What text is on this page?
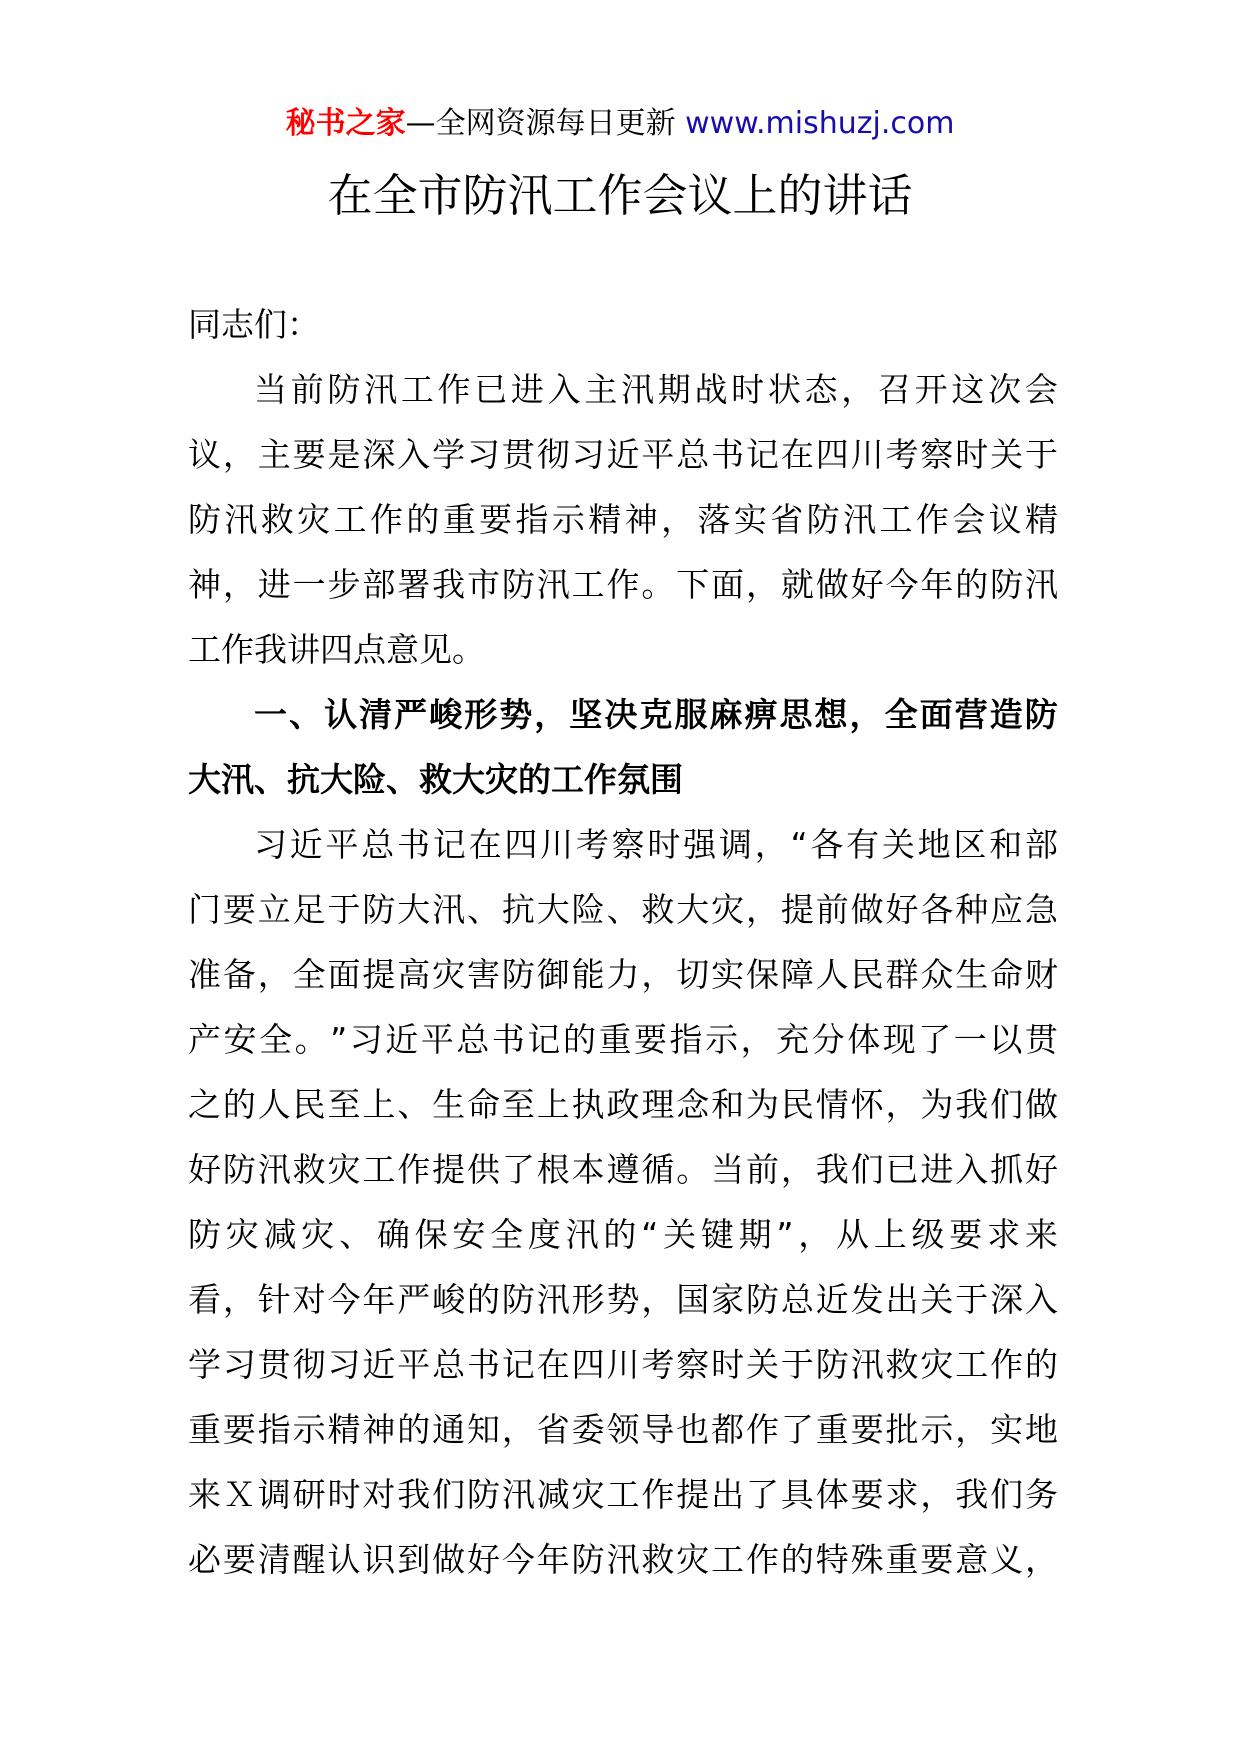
秘书之家—全网资源每日更新 www.mishuzj.com
在全市防汛工作会议上的讲话
同志们：
当 前 防 汛 工 作 已 进 入 主 汛 期 战 时 状 态 ， 召 开 这 次 会
议 ， 主 要 是 深 入 学 习 贯 彻 习 近 平 总 书 记 在 四 川 考 察 时 关 于
防 汛 救 灾 工 作 的 重 要 指 示 精 神 ， 落 实 省 防 汛 工 作 会 议 精
神 ， 进 一 步 部 署 我 市 防 汛 工 作 。 下 面 ， 就 做 好 今 年 的 防 汛
工作我讲四点意见。
一 、 认 清 严 峻 形 势 ， 坚 决 克 服 麻 痹 思 想 ， 全 面 营 造 防
大汛、抗大险、救大灾的工作氛围
习 近 平 总 书 记 在 四 川 考 察 时 强 调 ， “ 各 有 关 地 区 和 部
门 要 立 足 于 防 大 汛 、 抗 大 险 、 救 大 灾 ， 提 前 做 好 各 种 应 急
准 备 ， 全 面 提 高 灾 害 防 御 能 力 ， 切 实 保 障 人 民 群 众 生 命 财
产 安 全 。 ” 习 近 平 总 书 记 的 重 要 指 示 ， 充 分 体 现 了 一 以 贯
之 的 人 民 至 上 、 生 命 至 上 执 政 理 念 和 为 民 情 怀 ， 为 我 们 做
好 防 汛 救 灾 工 作 提 供 了 根 本 遵 循 。 当 前 ， 我 们 已 进 入 抓 好
防 灾 减 灾 、 确 保 安 全 度 汛 的 “ 关 键 期 ” ， 从 上 级 要 求 来
看 ， 针 对 今 年 严 峻 的 防 汛 形 势 ， 国 家 防 总 近 发 出 关 于 深 入
学 习 贯 彻 习 近 平 总 书 记 在 四 川 考 察 时 关 于 防 汛 救 灾 工 作 的
重 要 指 示 精 神 的 通 知 ， 省 委 领 导 也 都 作 了 重 要 批 示 ， 实 地
来 Ｘ 调 研 时 对 我 们 防 汛 减 灾 工 作 提 出 了 具 体 要 求 ， 我 们 务
必 要 清 醒 认 识 到 做 好 今 年 防 汛 救 灾 工 作 的 特 殊 重 要 意 义 ，
